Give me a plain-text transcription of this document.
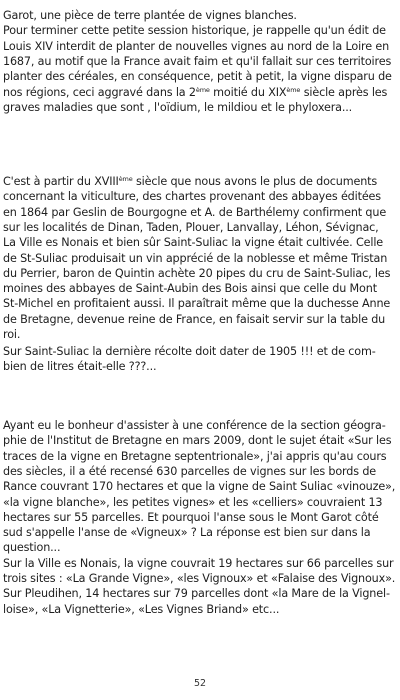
Garot, une pièce de terre plantée de vignes blanches.
Pour terminer cette petite session historique, je rappelle qu'un édit de
Louis XIV interdit de planter de nouvelles vignes au nord de la Loire en
1687, au motif que la France avait faim et qu'il fallait sur ces territoires
planter des céréales, en conséquence, petit à petit, la vigne disparu de
nos régions, ceci aggravé dans la 2ème moitié du XIXème siècle après les
graves maladies que sont , l'oïdium, le mildiou et le phyloxera...
C'est à partir du XVIIIème siècle que nous avons le plus de documents
concernant la viticulture, des chartes provenant des abbayes éditées
en 1864 par Geslin de Bourgogne et A. de Barthélemy confirment que
sur les localités de Dinan, Taden, Plouer, Lanvallay, Léhon, Sévignac,
La Ville es Nonais et bien sûr Saint-Suliac la vigne était cultivée. Celle
de St-Suliac produisait un vin apprécié de la noblesse et même Tristan
du Perrier, baron de Quintin achète 20 pipes du cru de Saint-Suliac, les
moines des abbayes de Saint-Aubin des Bois ainsi que celle du Mont
St-Michel en profitaient aussi. Il paraîtrait même que la duchesse Anne
de Bretagne, devenue reine de France, en faisait servir sur la table du
roi.
Sur Saint-Suliac la dernière récolte doit dater de 1905 !!! et de com-
bien de litres était-elle ???...
Ayant eu le bonheur d'assister à une conférence de la section géogra-
phie de l'Institut de Bretagne en mars 2009, dont le sujet était «Sur les
traces de la vigne en Bretagne septentrionale», j'ai appris qu'au cours
des siècles, il a été recensé 630 parcelles de vignes sur les bords de
Rance couvrant 170 hectares et que la vigne de Saint Suliac «vinouze»,
«la vigne blanche», les petites vignes» et les «celliers» couvraient 13
hectares sur 55 parcelles. Et pourquoi l'anse sous le Mont Garot côté
sud s'appelle l'anse de «Vigneux» ? La réponse est bien sur dans la
question...
Sur la Ville es Nonais, la vigne couvrait 19 hectares sur 66 parcelles sur
trois sites : «La Grande Vigne», «les Vignoux» et «Falaise des Vignoux».
Sur Pleudihen, 14 hectares sur 79 parcelles dont «la Mare de la Vignel-
loise», «La Vignetterie», «Les Vignes Briand» etc...
52
